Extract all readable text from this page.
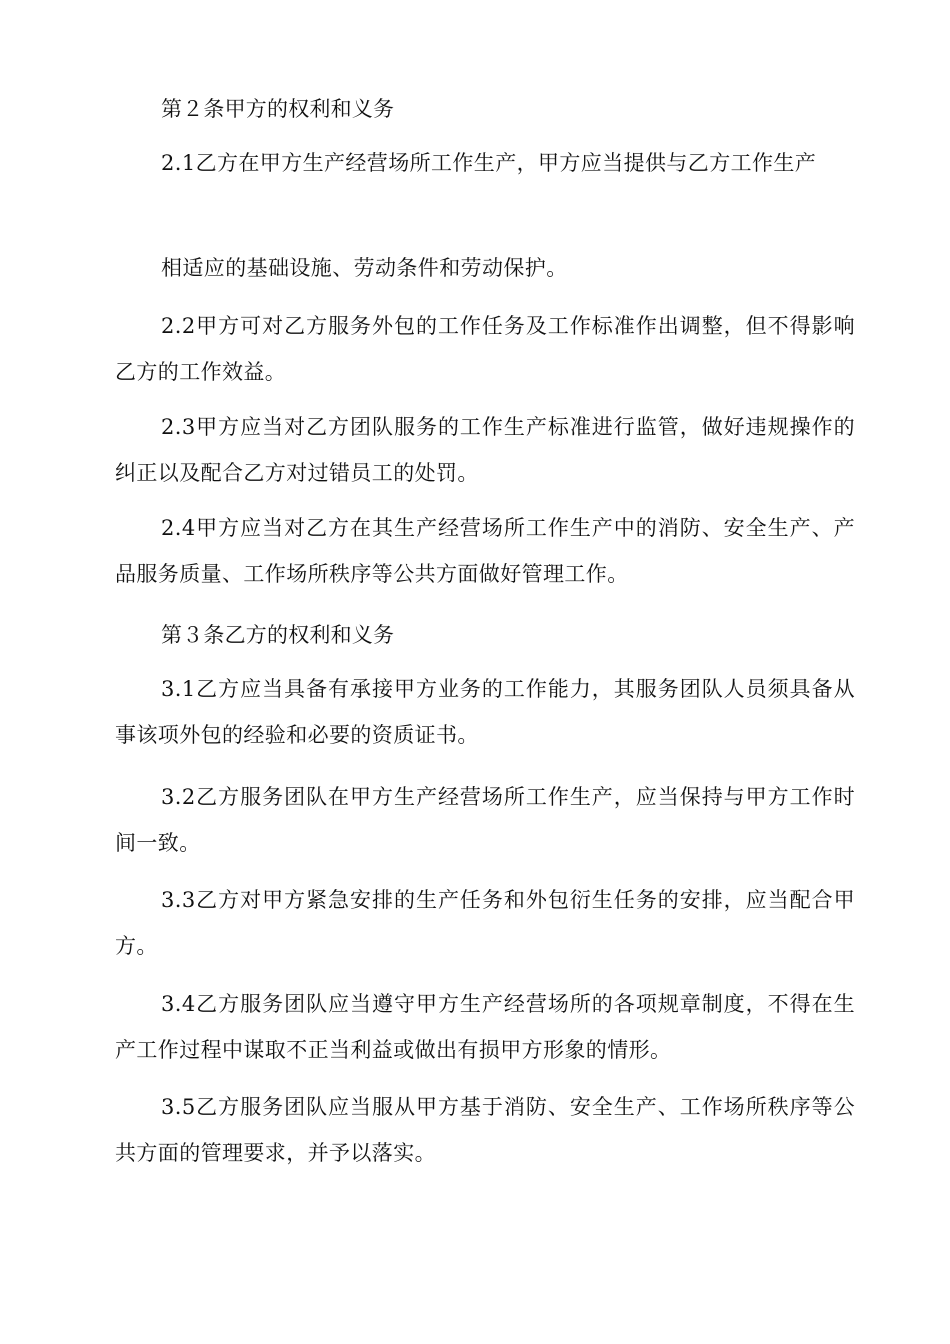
第２条甲方的权利和义务

2.1乙方在甲方生产经营场所工作生产，甲方应当提供与乙方工作生产

相适应的基础设施、劳动条件和劳动保护。

2.2甲方可对乙方服务外包的工作任务及工作标准作出调整，但不得影响乙方的工作效益。

2.3甲方应当对乙方团队服务的工作生产标准进行监管，做好违规操作的纠正以及配合乙方对过错员工的处罚。

2.4甲方应当对乙方在其生产经营场所工作生产中的消防、安全生产、产品服务质量、工作场所秩序等公共方面做好管理工作。

第３条乙方的权利和义务

3.1乙方应当具备有承接甲方业务的工作能力，其服务团队人员须具备从事该项外包的经验和必要的资质证书。

3.2乙方服务团队在甲方生产经营场所工作生产，应当保持与甲方工作时间一致。

3.3乙方对甲方紧急安排的生产任务和外包衍生任务的安排，应当配合甲方。

3.4乙方服务团队应当遵守甲方生产经营场所的各项规章制度，不得在生产工作过程中谋取不正当利益或做出有损甲方形象的情形。

3.5乙方服务团队应当服从甲方基于消防、安全生产、工作场所秩序等公共方面的管理要求，并予以落实。
